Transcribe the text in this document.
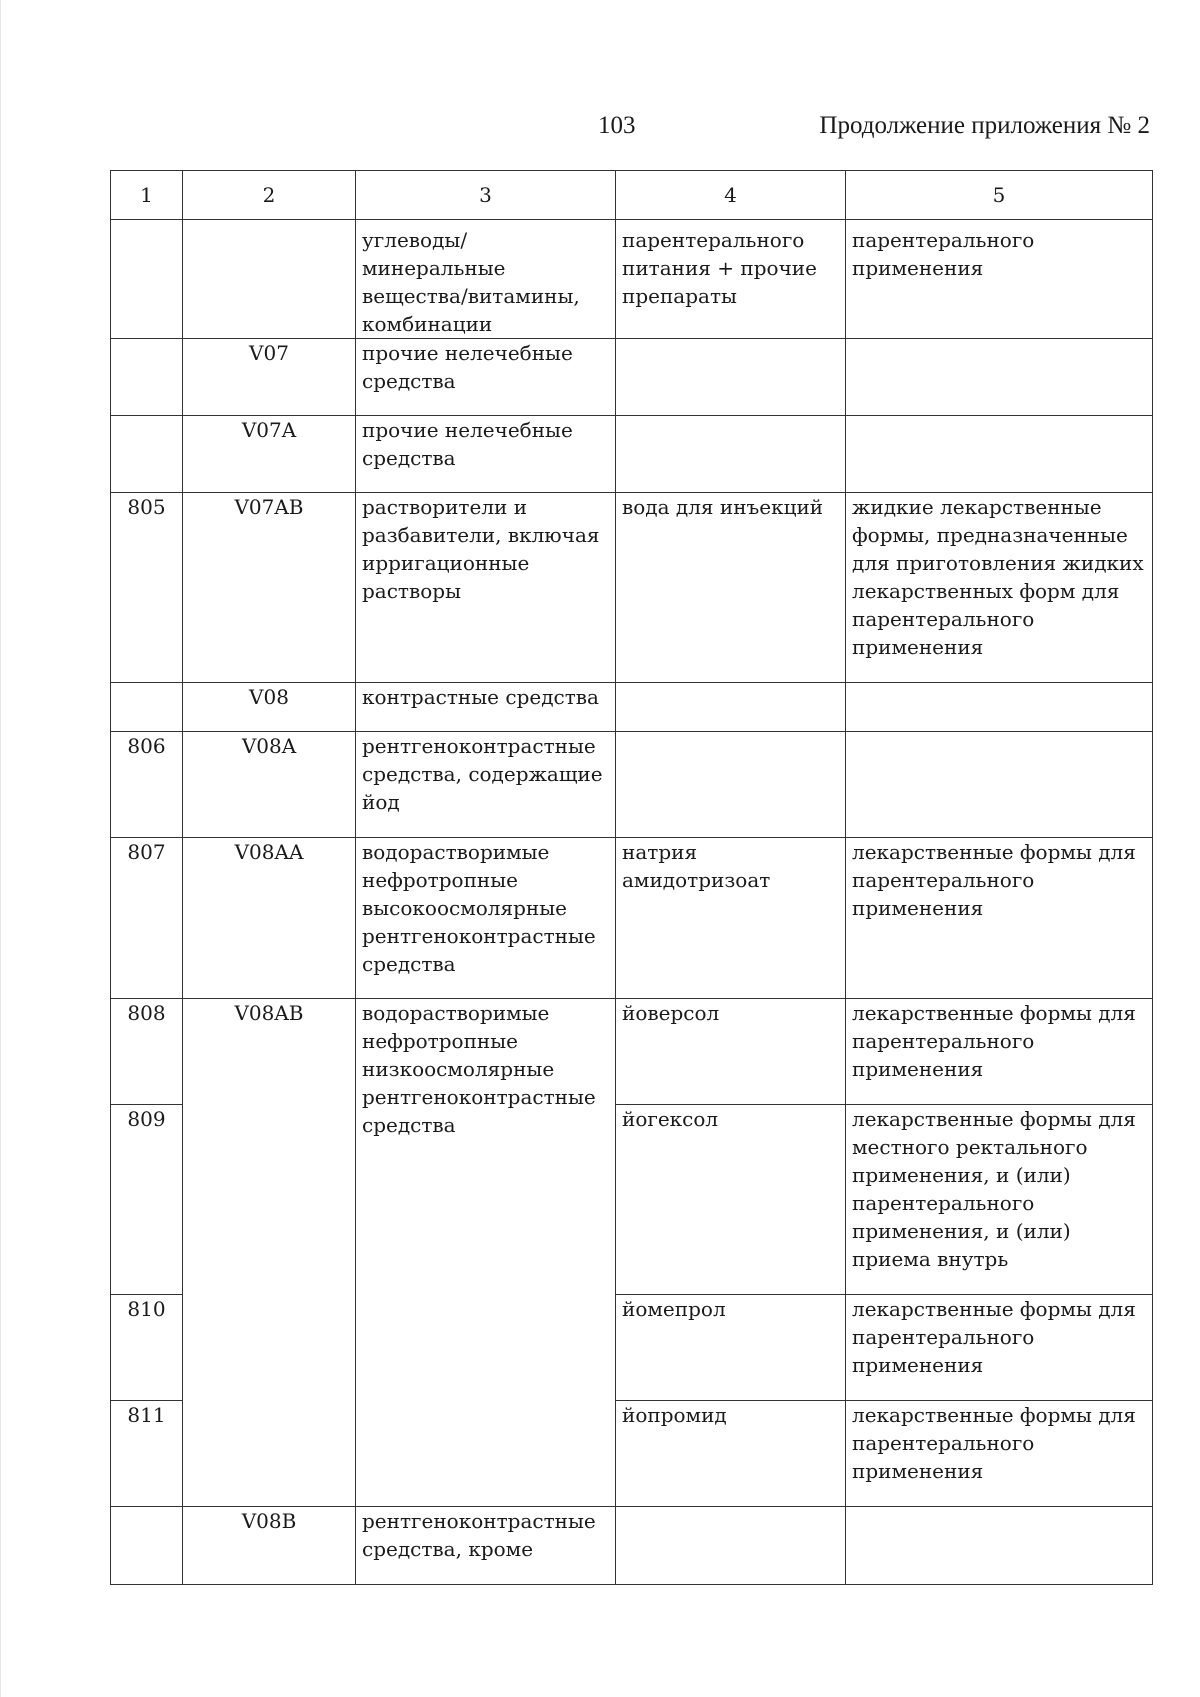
103	Продолжение приложения № 2
1	2	3	4	5
		углеводы/минеральные вещества/витамины, комбинации	парентерального питания + прочие препараты	парентерального применения
	V07	прочие нелечебные средства		
	V07A	прочие нелечебные средства		
805	V07AB	растворители и разбавители, включая ирригационные растворы	вода для инъекций	жидкие лекарственные формы, предназначенные для приготовления жидких лекарственных форм для парентерального применения
	V08	контрастные средства		
806	V08A	рентгеноконтрастные средства, содержащие йод		
807	V08AA	водорастворимые нефротропные высокоосмолярные рентгеноконтрастные средства	натрия амидотризоат	лекарственные формы для парентерального применения
808	V08AB	водорастворимые нефротропные низкоосмолярные рентгеноконтрастные средства	йоверсол	лекарственные формы для парентерального применения
809			йогексол	лекарственные формы для местного ректального применения, и (или) парентерального применения, и (или) приема внутрь
810			йомепрол	лекарственные формы для парентерального применения
811			йопромид	лекарственные формы для парентерального применения
	V08B	рентгеноконтрастные средства, кроме		
